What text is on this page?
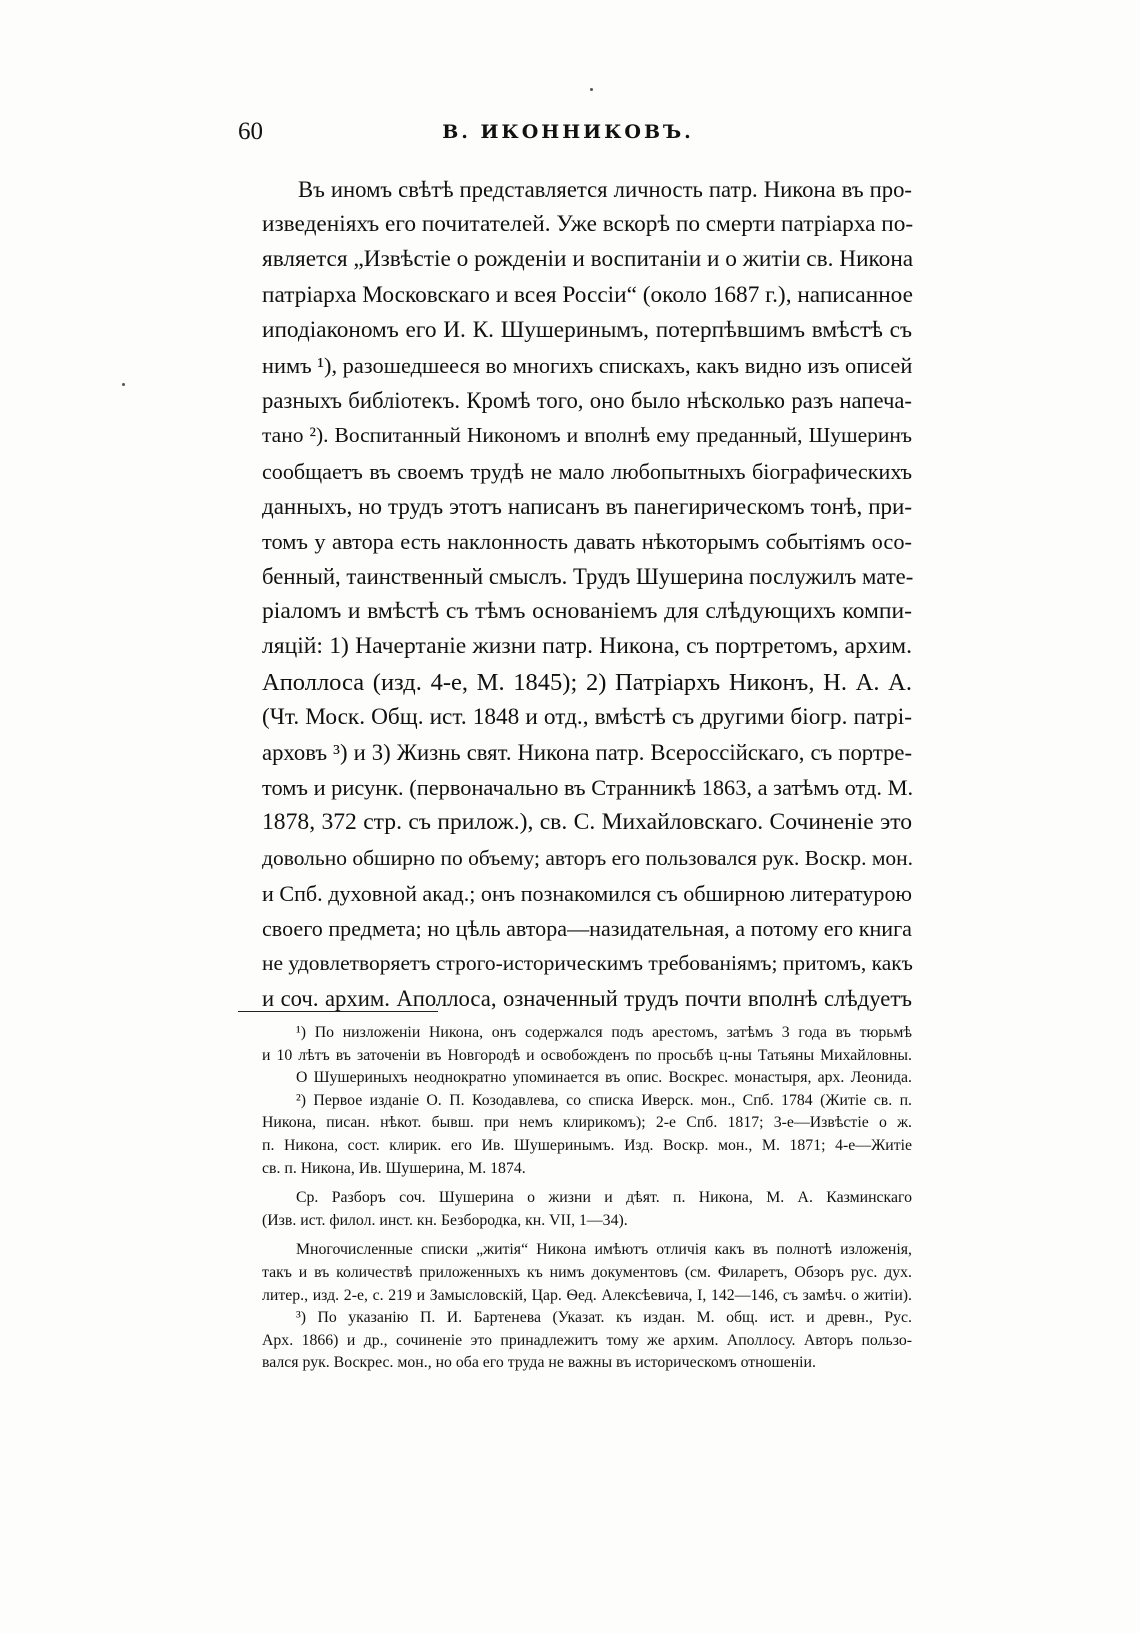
60	В. ИКОННИКОВЪ.
Въ иномъ свѣтѣ представляется личность патр. Никона въ про-
изведеніяхъ его почитателей. Уже вскорѣ по смерти патріарха по-
является „Извѣстіе о рожденіи и воспитаніи и о житіи св. Никона
патріарха Московскаго и всея Россіи“ (около 1687 г.), написанное
иподіакономъ его И. К. Шушеринымъ, потерпѣвшимъ вмѣстѣ съ
нимъ ¹), разошедшееся во многихъ спискахъ, какъ видно изъ описей
разныхъ библіотекъ. Кромѣ того, оно было нѣсколько разъ напеча-
тано ²). Воспитанный Никономъ и вполнѣ ему преданный, Шушеринъ
сообщаетъ въ своемъ трудѣ не мало любопытныхъ біографическихъ
данныхъ, но трудъ этотъ написанъ въ панегирическомъ тонѣ, при-
томъ у автора есть наклонность давать нѣкоторымъ событіямъ осо-
бенный, таинственный смыслъ. Трудъ Шушерина послужилъ мате-
ріаломъ и вмѣстѣ съ тѣмъ основаніемъ для слѣдующихъ компи-
ляцій: 1) Начертаніе жизни патр. Никона, съ портретомъ, архим.
Аполлоса (изд. 4-е, М. 1845); 2) Патріархъ Никонъ, Н. А. А.
(Чт. Моск. Общ. ист. 1848 и отд., вмѣстѣ съ другими біогр. патрі-
арховъ ³) и 3) Жизнь свят. Никона патр. Всероссійскаго, съ портре-
томъ и рисунк. (первоначально въ Странникѣ 1863, а затѣмъ отд. М.
1878, 372 стр. съ прилож.), св. С. Михайловскаго. Сочиненіе это
довольно обширно по объему; авторъ его пользовался рук. Воскр. мон.
и Спб. духовной акад.; онъ познакомился съ обширною литературою
своего предмета; но цѣль автора—назидательная, а потому его книга
не удовлетворяетъ строго-историческимъ требованіямъ; притомъ, какъ
и соч. архим. Аполлоса, означенный трудъ почти вполнѣ слѣдуетъ
¹) По низложеніи Никона, онъ содержался подъ арестомъ, затѣмъ 3 года въ тюрьмѣ
и 10 лѣтъ въ заточеніи въ Новгородѣ и освобожденъ по просьбѣ ц-ны Татьяны Михайловны.
О Шушериныхъ неоднократно упоминается въ опис. Воскрес. монастыря, арх. Леонида.
²) Первое изданіе О. П. Козодавлева, со списка Иверск. мон., Спб. 1784 (Житіе св. п.
Никона, писан. нѣкот. бывш. при немъ клирикомъ); 2-е Спб. 1817; 3-е—Извѣстіе о ж.
п. Никона, сост. клирик. его Ив. Шушеринымъ. Изд. Воскр. мон., М. 1871; 4-е—Житіе
св. п. Никона, Ив. Шушерина, М. 1874.
Ср. Разборъ соч. Шушерина о жизни и дѣят. п. Никона, М. А. Казминскаго
(Изв. ист. филол. инст. кн. Безбородка, кн. VII, 1—34).
Многочисленные списки „житія“ Никона имѣютъ отличія какъ въ полнотѣ изложенія,
такъ и въ количествѣ приложенныхъ къ нимъ документовъ (см. Филаретъ, Обзоръ рус. дух.
литер., изд. 2-е, с. 219 и Замысловскій, Цар. Ѳед. Алексѣевича, I, 142—146, съ замѣч. о житіи).
³) По указанію П. И. Бартенева (Указат. къ издан. М. общ. ист. и древн., Рус.
Арх. 1866) и др., сочиненіе это принадлежитъ тому же архим. Аполлосу. Авторъ пользо-
вался рук. Воскрес. мон., но оба его труда не важны въ историческомъ отношеніи.
